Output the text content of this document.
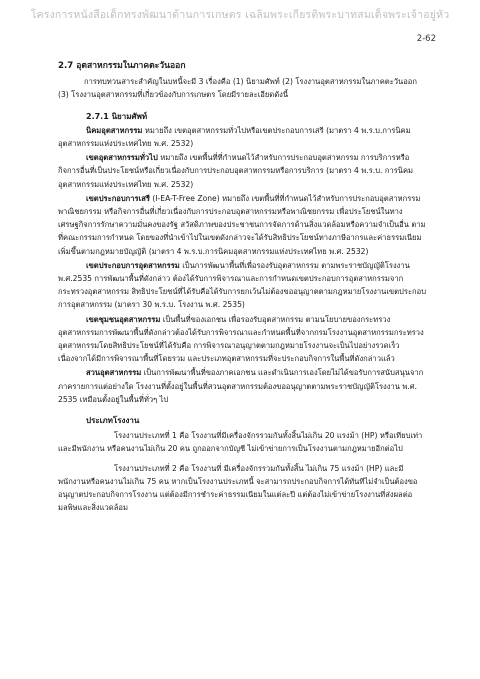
โครงการหนังสือเด็กทรงพัฒนาด้านการเกษตร เฉลิมพระเกียรติพระบาทสมเด็จพระเจ้าอยู่หัว
2-62
2.7 อุตสาหกรรมในภาคตะวันออก

การทบทวนสาระสำคัญในบทนี้จะมี 3 เรื่องคือ (1) นิยามศัพท์ (2) โรงงานอุตสาหกรรมในภาคตะวันออก (3) โรงงานอุตสาหกรรมที่เกี่ยวข้องกับการเกษตร โดยมีรายละเอียดดังนี้

2.7.1 นิยามศัพท์

นิคมอุตสาหกรรม หมายถึง เขตอุตสาหกรรมทั่วไปหรือเขตประกอบการเสรี (มาตรา 4 พ.ร.บ.การนิคมอุตสาหกรรมแห่งประเทศไทย พ.ศ. 2532)

เขตอุตสาหกรรมทั่วไป หมายถึง เขตพื้นที่ที่กำหนดไว้สำหรับการประกอบอุตสาหกรรม การบริการหรือกิจการอื่นที่เป็นประโยชน์หรือเกี่ยวเนื่องกับการประกอบอุตสาหกรรมหรือการบริการ (มาตรา 4 พ.ร.บ. การนิคมอุตสาหกรรมแห่งประเทศไทย พ.ศ. 2532)

เขตประกอบการเสรี (I-EA-T-Free Zone) หมายถึง เขตพื้นที่ที่กำหนดไว้สำหรับการประกอบอุตสาหกรรมพาณิชยกรรม หรือกิจการอื่นที่เกี่ยวเนื่องกับการประกอบอุตสาหกรรมหรือพาณิชยกรรม เพื่อประโยชน์ในทางเศรษฐกิจการรักษาความมั่นคงของรัฐ สวัสดิภาพของประชาชนการจัดการด้านสิ่งแวดล้อมหรือความจำเป็นอื่น ตามที่คณะกรรมการกำหนด โดยของที่นำเข้าไปในเขตดังกล่าวจะได้รับสิทธิประโยชน์ทางภาษีอากรและค่าธรรมเนียมเพิ่มขึ้นตามกฎหมายบัญญัติ (มาตรา 4 พ.ร.บ.การนิคมอุตสาหกรรมแห่งประเทศไทย พ.ศ. 2532)

เขตประกอบการอุตสาหกรรม เป็นการพัฒนาพื้นที่เพื่อรองรับอุตสาหกรรม ตามพระราชบัญญัติโรงงาน พ.ศ.2535 การพัฒนาพื้นที่ดังกล่าว ต้องได้รับการพิจารณาและการกำหนดเขตประกอบการอุตสาหกรรมจากกระทรวงอุตสาหกรรม สิทธิประโยชน์ที่ได้รับคือได้รับการยกเว้นไม่ต้องขออนุญาตตามกฎหมายโรงงานเขตประกอบการอุตสาหกรรม (มาตรา 30 พ.ร.บ. โรงงาน พ.ศ. 2535)

เขตชุมชนอุตสาหกรรม เป็นพื้นที่ของเอกชน เพื่อรองรับอุตสาหกรรม ตามนโยบายของกระทรวงอุตสาหกรรมการพัฒนาพื้นที่ดังกล่าวต้องได้รับการพิจารณาและกำหนดพื้นที่จากกรมโรงงานอุตสาหกรรมกระทรวงอุตสาหกรรมโดยสิทธิประโยชน์ที่ได้รับคือ การพิจารณาอนุญาตตามกฎหมายโรงงานจะเป็นไปอย่างรวดเร็ว เนื่องจากได้มีการพิจารณาพื้นที่โดยรวม และประเภทอุตสาหกรรมที่จะประกอบกิจการในพื้นที่ดังกล่าวแล้ว

สวนอุตสาหกรรม เป็นการพัฒนาพื้นที่ของภาคเอกชน และดำเนินการเองโดยไม่ได้ขอรับการสนับสนุนจากภาครายการแต่อย่างใด โรงงานที่ตั้งอยู่ในพื้นที่สวนอุตสาหกรรมต้องขออนุญาตตามพระราชบัญญัติโรงงาน พ.ศ. 2535 เหมือนตั้งอยู่ในพื้นที่ทั่วๆ ไป

ประเภทโรงงาน

โรงงานประเภทที่ 1 คือ โรงงานที่มีเครื่องจักรรวมกันทั้งสิ้นไม่เกิน 20 แรงม้า (HP) หรือเทียบเท่า และมีพนักงาน หรือคนงานไม่เกิน 20 คน ถูกออกจากบัญชี ไม่เข้าข่ายการเป็นโรงงานตามกฎหมายอีกต่อไป

โรงงานประเภทที่ 2 คือ โรงงานที่ มีเครื่องจักรรวมกันทั้งสิ้น ไม่เกิน 75 แรงม้า (HP) และมีพนักงานหรือคนงานไม่เกิน 75 คน หากเป็นโรงงานประเภทนี้ จะสามารถประกอบกิจการได้ทันทีไม่จำเป็นต้องขออนุญาตประกอบกิจการโรงงาน แต่ต้องมีการชำระค่าธรรมเนียมในแต่ละปี แต่ต้องไม่เข้าข่ายโรงงานที่ส่งผลต่อมลพิษและสิ่งแวดล้อม
